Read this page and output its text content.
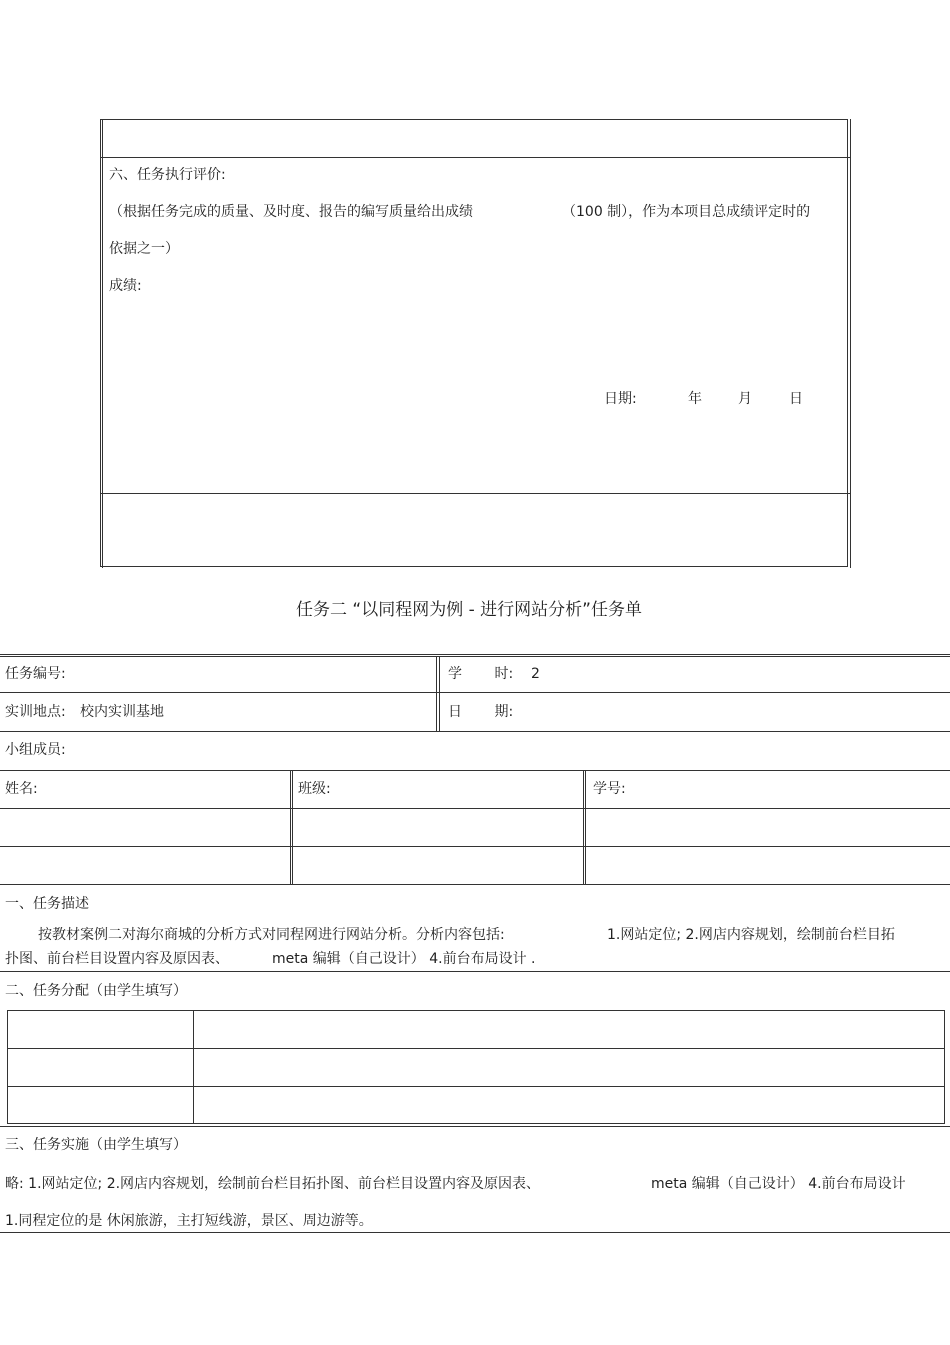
六、任务执行评价:
（根据任务完成的质量、及时度、报告的编写质量给出成绩	（100 制），作为本项目总成绩评定时的
依据之一）
成绩:
日期:	年	月	日
任务二 “以同程网为例 - 进行网站分析”任务单
任务编号:	学 时: 2
实训地点: 校内实训基地	日 期:
小组成员:
姓名:	班级:	学号:
一、任务描述
按教材案例二对海尔商城的分析方式对同程网进行网站分析。分析内容包括:	1.网站定位; 2.网店内容规划，绘制前台栏目拓
扑图、前台栏目设置内容及原因表、	meta 编辑（自己设计） 4.前台布局设计 .
二、任务分配（由学生填写）
三、任务实施（由学生填写）
略: 1.网站定位; 2.网店内容规划，绘制前台栏目拓扑图、前台栏目设置内容及原因表、	meta 编辑（自己设计） 4.前台布局设计
1.同程定位的是 休闲旅游，主打短线游，景区、周边游等。
